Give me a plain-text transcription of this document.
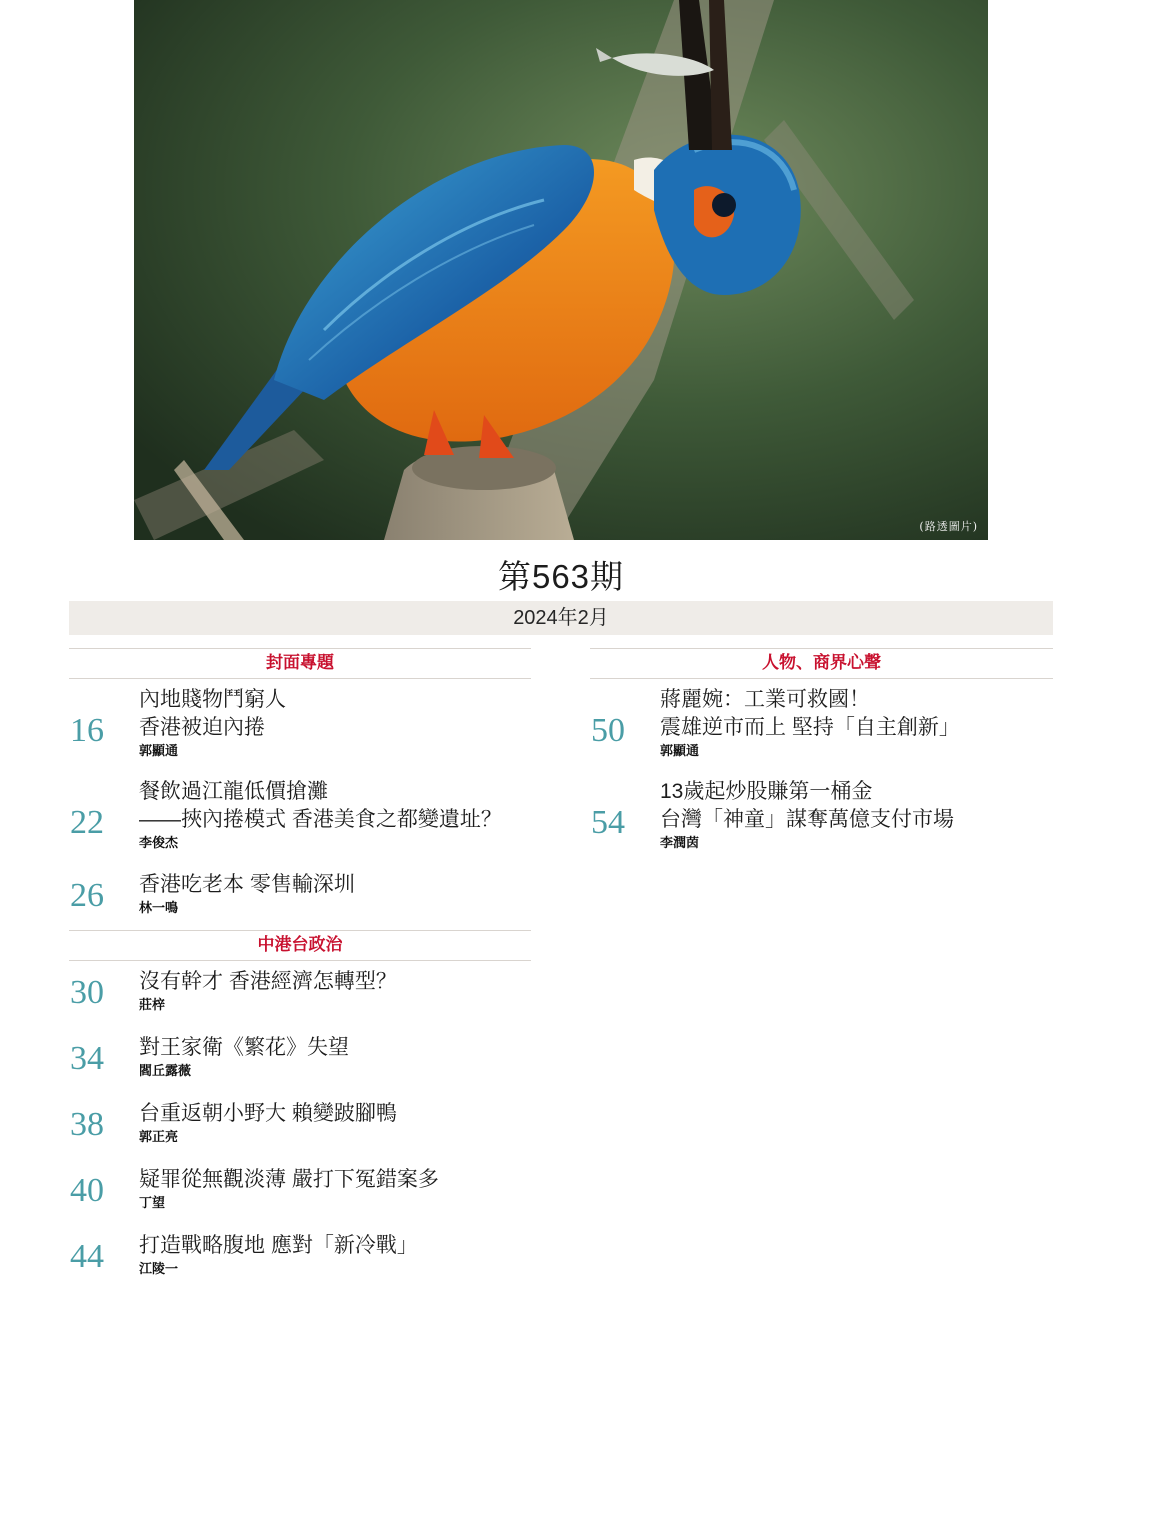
(路透圖片)
第563期
2024年2月
封面專題
16
內地賤物鬥窮人
香港被迫內捲
郭顯通
22
餐飲過江龍低價搶灘
——挾內捲模式 香港美食之都變遺址？
李俊杰
26 香港吃老本 零售輸深圳
林一鳴
中港台政治
30 沒有幹才 香港經濟怎轉型？
莊梓
34 對王家衛《繁花》失望
閻丘露薇
38 台重返朝小野大 賴變跛腳鴨
郭正亮
40 疑罪從無觀淡薄 嚴打下冤錯案多
丁望
44 打造戰略腹地 應對「新冷戰」
江陵一
人物、商界心聲
50
蔣麗婉：工業可救國！
震雄逆市而上 堅持「自主創新」
郭顯通
54
13歲起炒股賺第一桶金
台灣「神童」謀奪萬億支付市場
李潤茵
